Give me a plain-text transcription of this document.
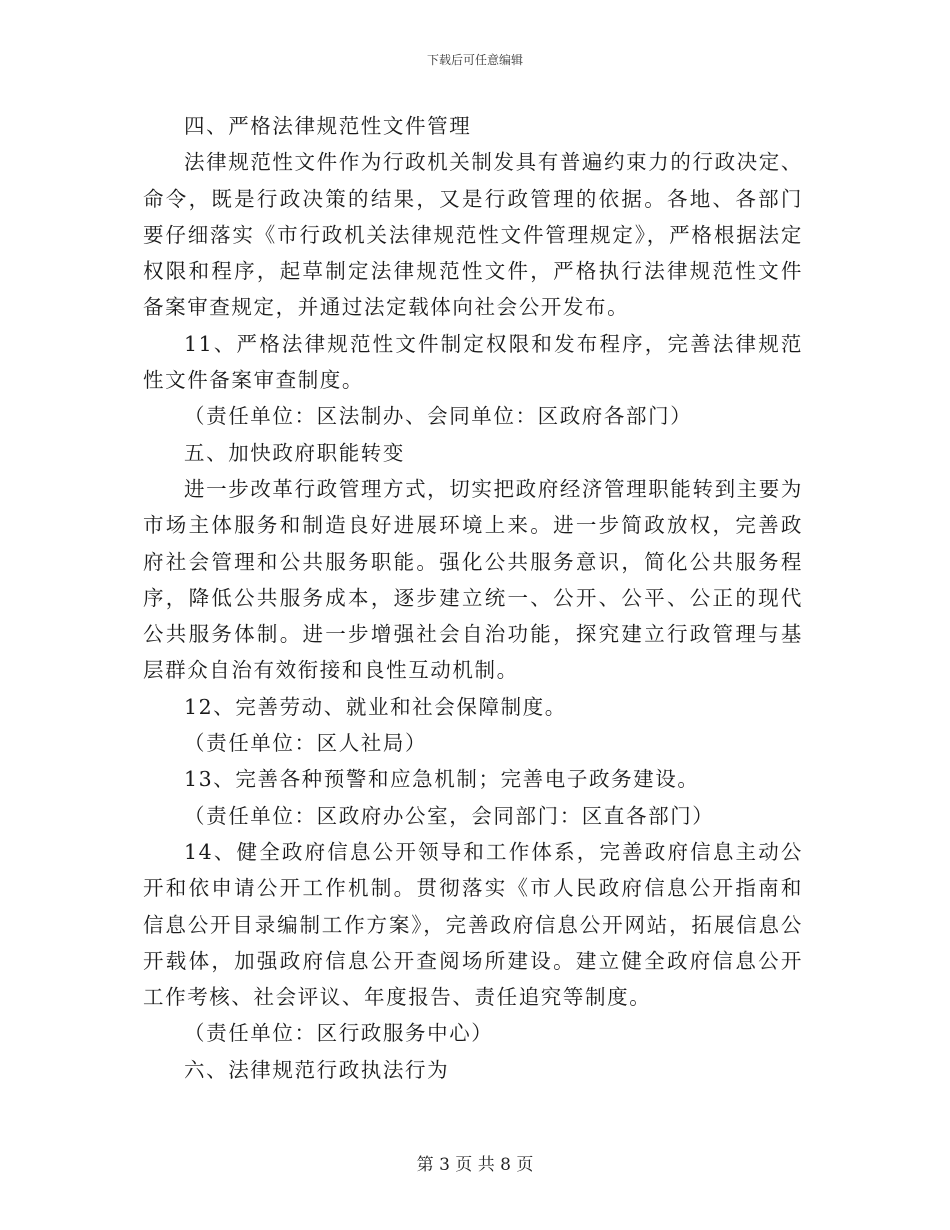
下载后可任意编辑

四、严格法律规范性文件管理

法律规范性文件作为行政机关制发具有普遍约束力的行政决定、命令，既是行政决策的结果，又是行政管理的依据。各地、各部门要仔细落实《市行政机关法律规范性文件管理规定》，严格根据法定权限和程序，起草制定法律规范性文件，严格执行法律规范性文件备案审查规定，并通过法定载体向社会公开发布。

11、严格法律规范性文件制定权限和发布程序，完善法律规范性文件备案审查制度。

（责任单位：区法制办、会同单位：区政府各部门）

五、加快政府职能转变

进一步改革行政管理方式，切实把政府经济管理职能转到主要为市场主体服务和制造良好进展环境上来。进一步简政放权，完善政府社会管理和公共服务职能。强化公共服务意识，简化公共服务程序，降低公共服务成本，逐步建立统一、公开、公平、公正的现代公共服务体制。进一步增强社会自治功能，探究建立行政管理与基层群众自治有效衔接和良性互动机制。

12、完善劳动、就业和社会保障制度。

（责任单位：区人社局）

13、完善各种预警和应急机制；完善电子政务建设。

（责任单位：区政府办公室，会同部门：区直各部门）

14、健全政府信息公开领导和工作体系，完善政府信息主动公开和依申请公开工作机制。贯彻落实《市人民政府信息公开指南和信息公开目录编制工作方案》，完善政府信息公开网站，拓展信息公开载体，加强政府信息公开查阅场所建设。建立健全政府信息公开工作考核、社会评议、年度报告、责任追究等制度。

（责任单位：区行政服务中心）

六、法律规范行政执法行为

第 3 页 共 8 页
